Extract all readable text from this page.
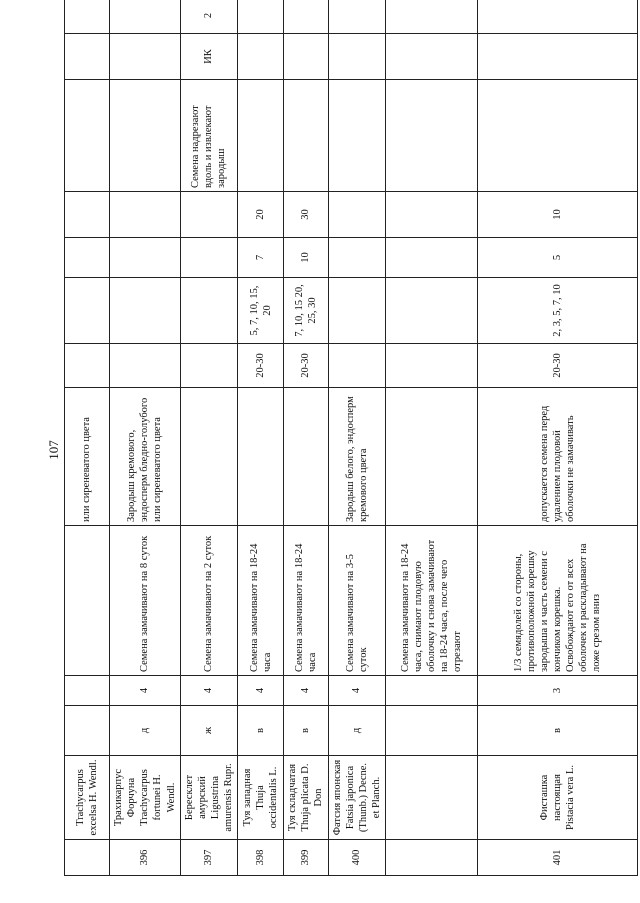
107
	Trachycarpus excelsa H. Wendl.				или сиреневатого цвета							
396	Трахикарпус Форчуна Trachycarpus fortunei H. Wendl.	д	4	Семена замачивают на 8 суток	Зародыш кремового, эндосперм бледно-голубого или сиреневатого цвета							
397	Бересклет амурский Ligustrina amurensis Rupr.	ж	4	Семена замачивают на 2 суток						Семена надрезают вдоль и извлекают зародыш	ИК	2
398	Туя западная Thuja occidentalis L.	в	4	Семена замачивают на 18-24 часа		20-30	5, 7, 10, 15, 20	7	20			
399	Туя складчатая Thuja plicata D. Don	в	4	Семена замачивают на 18-24 часа		20-30	7, 10, 15 20, 25, 30	10	30			
400	Фатсия японская Fatsia japonica (Thunb.) Decne. et Planch.	д	4	Семена замачивают на 3-5 суток	Зародыш белого, эндосперм кремового цвета							
				Семена замачивают на 18-24 часа, снимают плодовую оболочку и снова замачивают на 18-24 часа, после чего отрезают								
401	Фисташка настоящая Pistacia vera L.	в	3	1/3 семядолей со стороны, противоположной корешку зародыша и часть семени с кончиком корешка. Освобождают его от всех оболочек и раскладывают на ложе срезом вниз	допускается семена перед удалением плодовой оболочки не замачивать	20-30	2, 3, 5, 7, 10	5	10			
